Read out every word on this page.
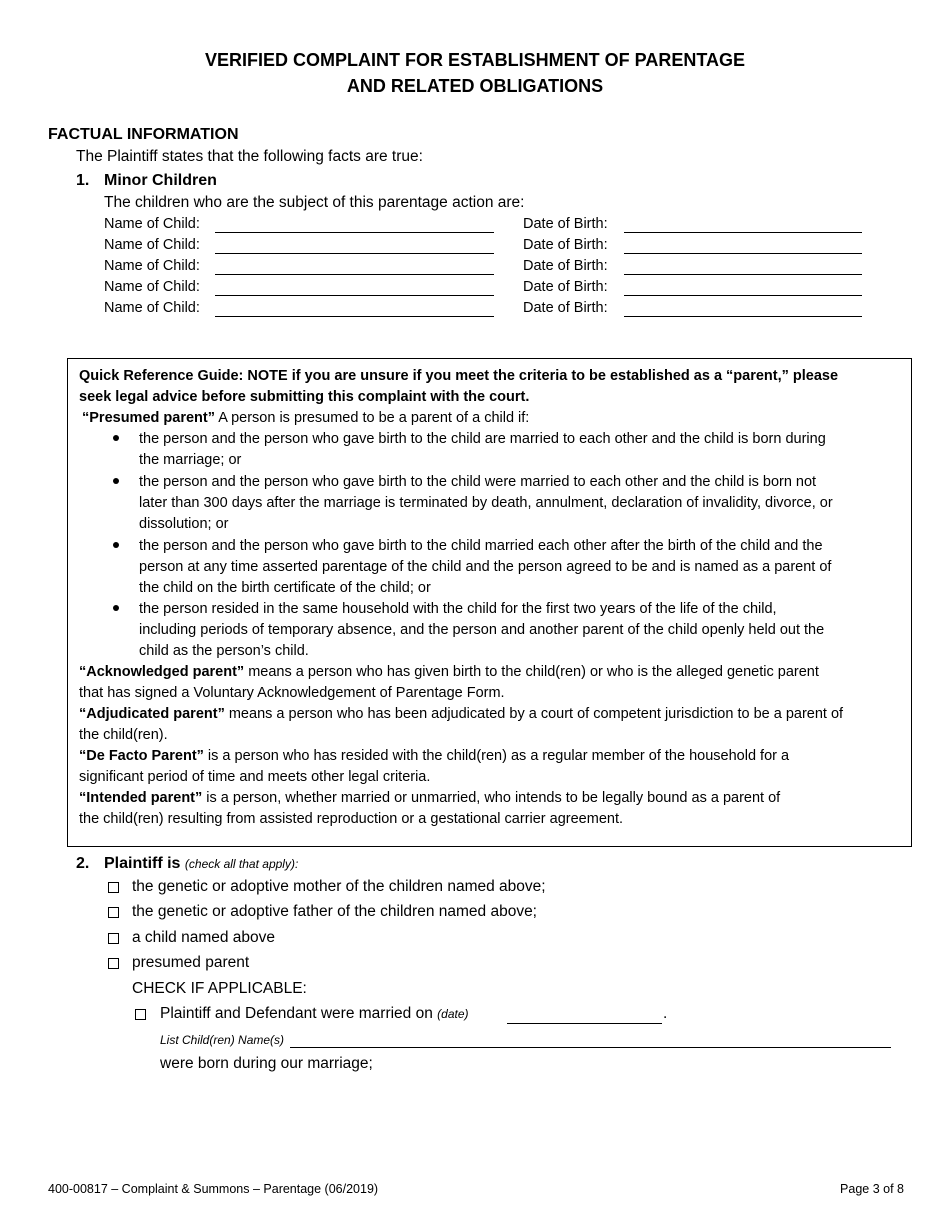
VERIFIED COMPLAINT FOR ESTABLISHMENT OF PARENTAGE
AND RELATED OBLIGATIONS
FACTUAL INFORMATION
The Plaintiff states that the following facts are true:
1. Minor Children
The children who are the subject of this parentage action are:
Name of Child:	Date of Birth:
Name of Child:	Date of Birth:
Name of Child:	Date of Birth:
Name of Child:	Date of Birth:
Name of Child:	Date of Birth:
Quick Reference Guide: NOTE if you are unsure if you meet the criteria to be established as a “parent,” please
seek legal advice before submitting this complaint with the court.
“Presumed parent” A person is presumed to be a parent of a child if:
the person and the person who gave birth to the child are married to each other and the child is born during
the marriage; or
the person and the person who gave birth to the child were married to each other and the child is born not
later than 300 days after the marriage is terminated by death, annulment, declaration of invalidity, divorce, or
dissolution; or
the person and the person who gave birth to the child married each other after the birth of the child and the
person at any time asserted parentage of the child and the person agreed to be and is named as a parent of
the child on the birth certificate of the child; or
the person resided in the same household with the child for the first two years of the life of the child,
including periods of temporary absence, and the person and another parent of the child openly held out the
child as the person’s child.
“Acknowledged parent” means a person who has given birth to the child(ren) or who is the alleged genetic parent
that has signed a Voluntary Acknowledgement of Parentage Form.
“Adjudicated parent” means a person who has been adjudicated by a court of competent jurisdiction to be a parent of
the child(ren).
“De Facto Parent” is a person who has resided with the child(ren) as a regular member of the household for a
significant period of time and meets other legal criteria.
“Intended parent” is a person, whether married or unmarried, who intends to be legally bound as a parent of
the child(ren) resulting from assisted reproduction or a gestational carrier agreement.
2. Plaintiff is (check all that apply):
the genetic or adoptive mother of the children named above;
the genetic or adoptive father of the children named above;
a child named above
presumed parent
CHECK IF APPLICABLE:
Plaintiff and Defendant were married on (date)	.
List Child(ren) Name(s)
were born during our marriage;
400-00817 – Complaint & Summons – Parentage (06/2019)	Page 3 of 8
